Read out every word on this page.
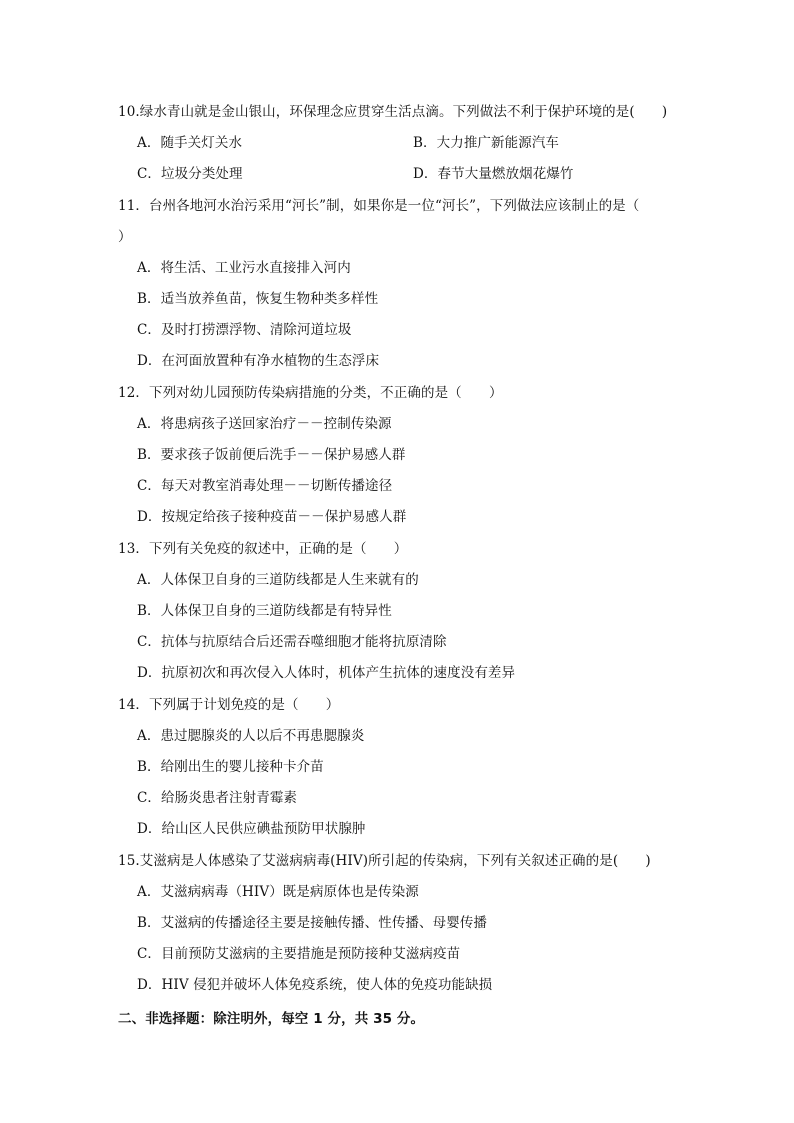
10.绿水青山就是金山银山，环保理念应贯穿生活点滴。下列做法不利于保护环境的是(　　)
A．随手关灯关水	B．大力推广新能源汽车
C．垃圾分类处理	D．春节大量燃放烟花爆竹
11．台州各地河水治污采用“河长”制，如果你是一位“河长”，下列做法应该制止的是（
）
A．将生活、工业污水直接排入河内
B．适当放养鱼苗，恢复生物种类多样性
C．及时打捞漂浮物、清除河道垃圾
D．在河面放置种有净水植物的生态浮床
12．下列对幼儿园预防传染病措施的分类，不正确的是（　　）
A．将患病孩子送回家治疗－－控制传染源
B．要求孩子饭前便后洗手－－保护易感人群
C．每天对教室消毒处理－－切断传播途径
D．按规定给孩子接种疫苗－－保护易感人群
13．下列有关免疫的叙述中，正确的是（　　）
A．人体保卫自身的三道防线都是人生来就有的
B．人体保卫自身的三道防线都是有特异性
C．抗体与抗原结合后还需吞噬细胞才能将抗原清除
D．抗原初次和再次侵入人体时，机体产生抗体的速度没有差异
14．下列属于计划免疫的是（　　）
A．患过腮腺炎的人以后不再患腮腺炎
B．给刚出生的婴儿接种卡介苗
C．给肠炎患者注射青霉素
D．给山区人民供应碘盐预防甲状腺肿
15.艾滋病是人体感染了艾滋病病毒(HIV)所引起的传染病，下列有关叙述正确的是(　　)
A．艾滋病病毒（HIV）既是病原体也是传染源
B．艾滋病的传播途径主要是接触传播、性传播、母婴传播
C．目前预防艾滋病的主要措施是预防接种艾滋病疫苗
D．HIV 侵犯并破坏人体免疫系统，使人体的免疫功能缺损
二、非选择题：除注明外，每空 1 分，共 35 分。
